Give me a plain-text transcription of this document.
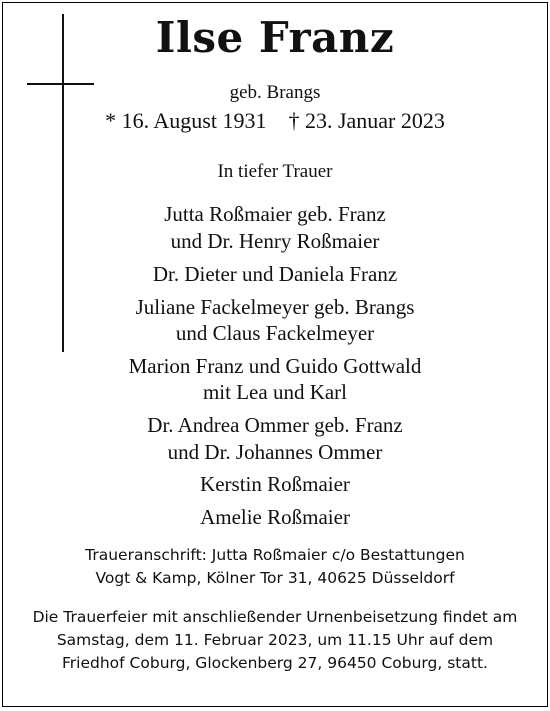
Ilse Franz
geb. Brangs
* 16. August 1931    † 23. Januar 2023
In tiefer Trauer
Jutta Roßmaier geb. Franz
und Dr. Henry Roßmaier
Dr. Dieter und Daniela Franz
Juliane Fackelmeyer geb. Brangs
und Claus Fackelmeyer
Marion Franz und Guido Gottwald
mit Lea und Karl
Dr. Andrea Ommer geb. Franz
und Dr. Johannes Ommer
Kerstin Roßmaier
Amelie Roßmaier
Traueranschrift: Jutta Roßmaier c/o Bestattungen
Vogt & Kamp, Kölner Tor 31, 40625 Düsseldorf
Die Trauerfeier mit anschließender Urnenbeisetzung findet am
Samstag, dem 11. Februar 2023, um 11.15 Uhr auf dem
Friedhof Coburg, Glockenberg 27, 96450 Coburg, statt.
